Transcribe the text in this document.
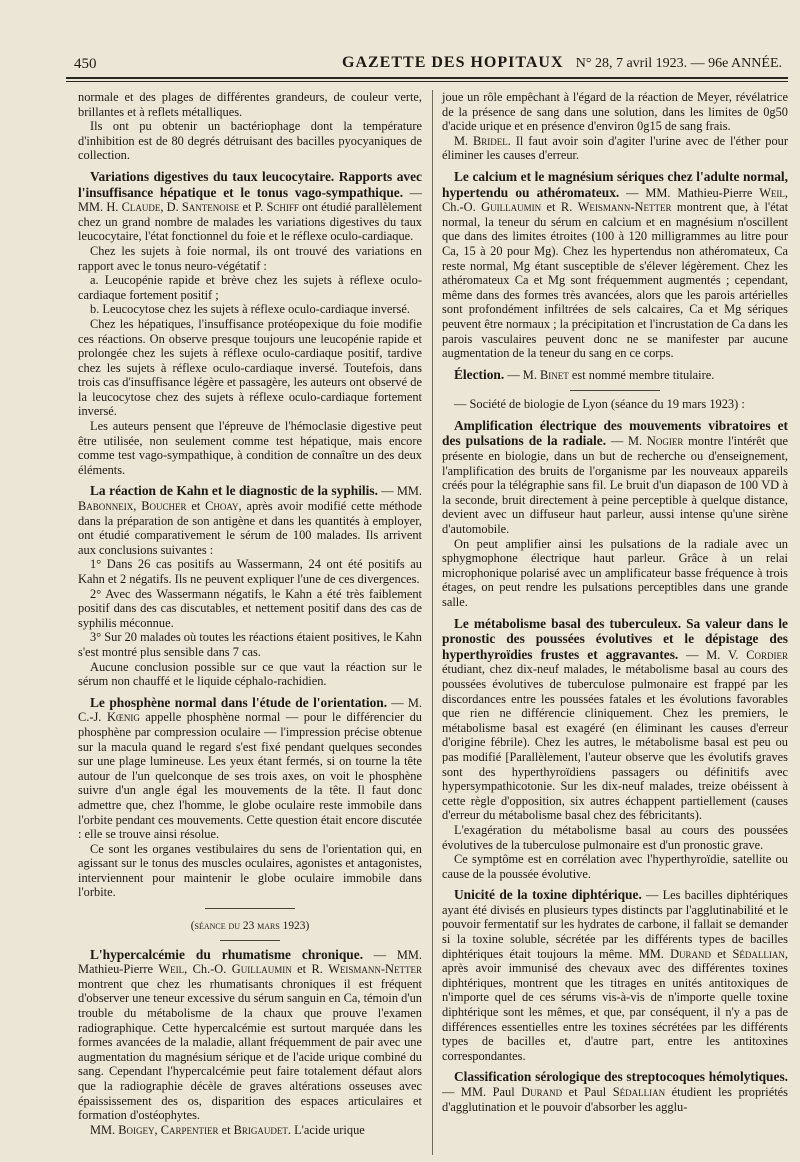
450	GAZETTE DES HOPITAUX N° 28, 7 avril 1923. — 96e ANNÉE.

normale et des plages de différentes grandeurs, de couleur verte, brillantes et à reflets métalliques.

Ils ont pu obtenir un bactériophage dont la température d'inhibition est de 80 degrés détruisant des bacilles pyocyaniques de collection.

Variations digestives du taux leucocytaire. Rapports avec l'insuffisance hépatique et le tonus vago-sympathique. — MM. H. Claude, D. Santenoise et P. Schiff ont étudié parallèlement chez un grand nombre de malades les variations digestives du taux leucocytaire, l'état fonctionnel du foie et le réflexe oculo-cardiaque.

Chez les sujets à foie normal, ils ont trouvé des variations en rapport avec le tonus neuro-végétatif :

a. Leucopénie rapide et brève chez les sujets à réflexe oculo-cardiaque fortement positif ;

b. Leucocytose chez les sujets à réflexe oculo-cardiaque inversé.

Chez les hépatiques, l'insuffisance protéopexique du foie modifie ces réactions. On observe presque toujours une leucopénie rapide et prolongée chez les sujets à réflexe oculo-cardiaque positif, tardive chez les sujets à réflexe oculo-cardiaque inversé. Toutefois, dans trois cas d'insuffisance légère et passagère, les auteurs ont observé de la leucocytose chez des sujets à réflexe oculo-cardiaque fortement inversé.

Les auteurs pensent que l'épreuve de l'hémoclasie digestive peut être utilisée, non seulement comme test hépatique, mais encore comme test vago-sympathique, à condition de connaître un des deux éléments.

La réaction de Kahn et le diagnostic de la syphilis. — MM. Babonneix, Boucher et Choay, après avoir modifié cette méthode dans la préparation de son antigène et dans les quantités à employer, ont étudié comparativement le sérum de 100 malades. Ils arrivent aux conclusions suivantes :

1° Dans 26 cas positifs au Wassermann, 24 ont été positifs au Kahn et 2 négatifs. Ils ne peuvent expliquer l'une de ces divergences.

2° Avec des Wassermann négatifs, le Kahn a été très faiblement positif dans des cas discutables, et nettement positif dans des cas de syphilis méconnue.

3° Sur 20 malades où toutes les réactions étaient positives, le Kahn s'est montré plus sensible dans 7 cas.

Aucune conclusion possible sur ce que vaut la réaction sur le sérum non chauffé et le liquide céphalo-rachidien.

Le phosphène normal dans l'étude de l'orientation. — M. C.-J. Kœnig appelle phosphène normal — pour le différencier du phosphène par compression oculaire — l'impression précise obtenue sur la macula quand le regard s'est fixé pendant quelques secondes sur une plage lumineuse. Les yeux étant fermés, si on tourne la tête autour de l'un quelconque de ses trois axes, on voit le phosphène suivre d'un angle égal les mouvements de la tête. Il faut donc admettre que, chez l'homme, le globe oculaire reste immobile dans l'orbite pendant ces mouvements. Cette question était encore discutée : elle se trouve ainsi résolue.

Ce sont les organes vestibulaires du sens de l'orientation qui, en agissant sur le tonus des muscles oculaires, agonistes et antagonistes, interviennent pour maintenir le globe oculaire immobile dans l'orbite.

(séance du 23 mars 1923)

L'hypercalcémie du rhumatisme chronique. — MM. Mathieu-Pierre Weil, Ch.-O. Guillaumin et R. Weismann-Netter montrent que chez les rhumatisants chroniques il est fréquent d'observer une teneur excessive du sérum sanguin en Ca, témoin d'un trouble du métabolisme de la chaux que prouve l'examen radiographique. Cette hypercalcémie est surtout marquée dans les formes avancées de la maladie, allant fréquemment de pair avec une augmentation du magnésium sérique et de l'acide urique combiné du sang. Cependant l'hypercalcémie peut faire totalement défaut alors que la radiographie décèle de graves altérations osseuses avec épaississement des os, disparition des espaces articulaires et formation d'ostéophytes.

MM. Boigey, Carpentier et Brigaudet. L'acide urique

joue un rôle empêchant à l'égard de la réaction de Meyer, révélatrice de la présence de sang dans une solution, dans les limites de 0g50 d'acide urique et en présence d'environ 0g15 de sang frais.

M. Bridel. Il faut avoir soin d'agiter l'urine avec de l'éther pour éliminer les causes d'erreur.

Le calcium et le magnésium sériques chez l'adulte normal, hypertendu ou athéromateux. — MM. Mathieu-Pierre Weil, Ch.-O. Guillaumin et R. Weismann-Netter montrent que, à l'état normal, la teneur du sérum en calcium et en magnésium n'oscillent que dans des limites étroites (100 à 120 milligrammes au litre pour Ca, 15 à 20 pour Mg). Chez les hypertendus non athéromateux, Ca reste normal, Mg étant susceptible de s'élever légèrement. Chez les athéromateux Ca et Mg sont fréquemment augmentés ; cependant, même dans des formes très avancées, alors que les parois artérielles sont profondément infiltrées de sels calcaires, Ca et Mg sériques peuvent être normaux ; la précipitation et l'incrustation de Ca dans les parois vasculaires peuvent donc ne se manifester par aucune augmentation de la teneur du sang en ce corps.

Élection. — M. Binet est nommé membre titulaire.

— Société de biologie de Lyon (séance du 19 mars 1923) :

Amplification électrique des mouvements vibratoires et des pulsations de la radiale. — M. Nogier montre l'intérêt que présente en biologie, dans un but de recherche ou d'enseignement, l'amplification des bruits de l'organisme par les nouveaux appareils créés pour la télégraphie sans fil. Le bruit d'un diapason de 100 VD à la seconde, bruit directement à peine perceptible à quelque distance, devient avec un diffuseur haut parleur, aussi intense qu'une sirène d'automobile.

On peut amplifier ainsi les pulsations de la radiale avec un sphygmophone électrique haut parleur. Grâce à un relai microphonique polarisé avec un amplificateur basse fréquence à trois étages, on peut rendre les pulsations perceptibles dans une grande salle.

Le métabolisme basal des tuberculeux. Sa valeur dans le pronostic des poussées évolutives et le dépistage des hyperthyroïdies frustes et aggravantes. — M. V. Cordier étudiant, chez dix-neuf malades, le métabolisme basal au cours des poussées évolutives de tuberculose pulmonaire est frappé par les discordances entre les poussées fatales et les évolutions favorables que rien ne différencie cliniquement. Chez les premiers, le métabolisme basal est exagéré (en éliminant les causes d'erreur d'origine fébrile). Chez les autres, le métabolisme basal est peu ou pas modifié [Parallèlement, l'auteur observe que les évolutifs graves sont des hyperthyroïdiens passagers ou définitifs avec hypersympathicotonie. Sur les dix-neuf malades, treize obéissent à cette règle d'opposition, six autres échappent partiellement (causes d'erreur du métabolisme basal chez des fébricitants).

L'exagération du métabolisme basal au cours des poussées évolutives de la tuberculose pulmonaire est d'un pronostic grave.

Ce symptôme est en corrélation avec l'hyperthyroïdie, satellite ou cause de la poussée évolutive.

Unicité de la toxine diphtérique. — Les bacilles diphtériques ayant été divisés en plusieurs types distincts par l'agglutinabilité et le pouvoir fermentatif sur les hydrates de carbone, il fallait se demander si la toxine soluble, sécrétée par les différents types de bacilles diphtériques était toujours la même. MM. Durand et Sédallian, après avoir immunisé des chevaux avec des différentes toxines diphtériques, montrent que les titrages en unités antitoxiques de n'importe quel de ces sérums vis-à-vis de n'importe quelle toxine diphtérique sont les mêmes, et que, par conséquent, il n'y a pas de différences essentielles entre les toxines sécrétées par les différents types de bacilles et, d'autre part, entre les antitoxines correspondantes.

Classification sérologique des streptocoques hémolytiques. — MM. Paul Durand et Paul Sédallian étudient les propriétés d'agglutination et le pouvoir d'absorber les agglu-
